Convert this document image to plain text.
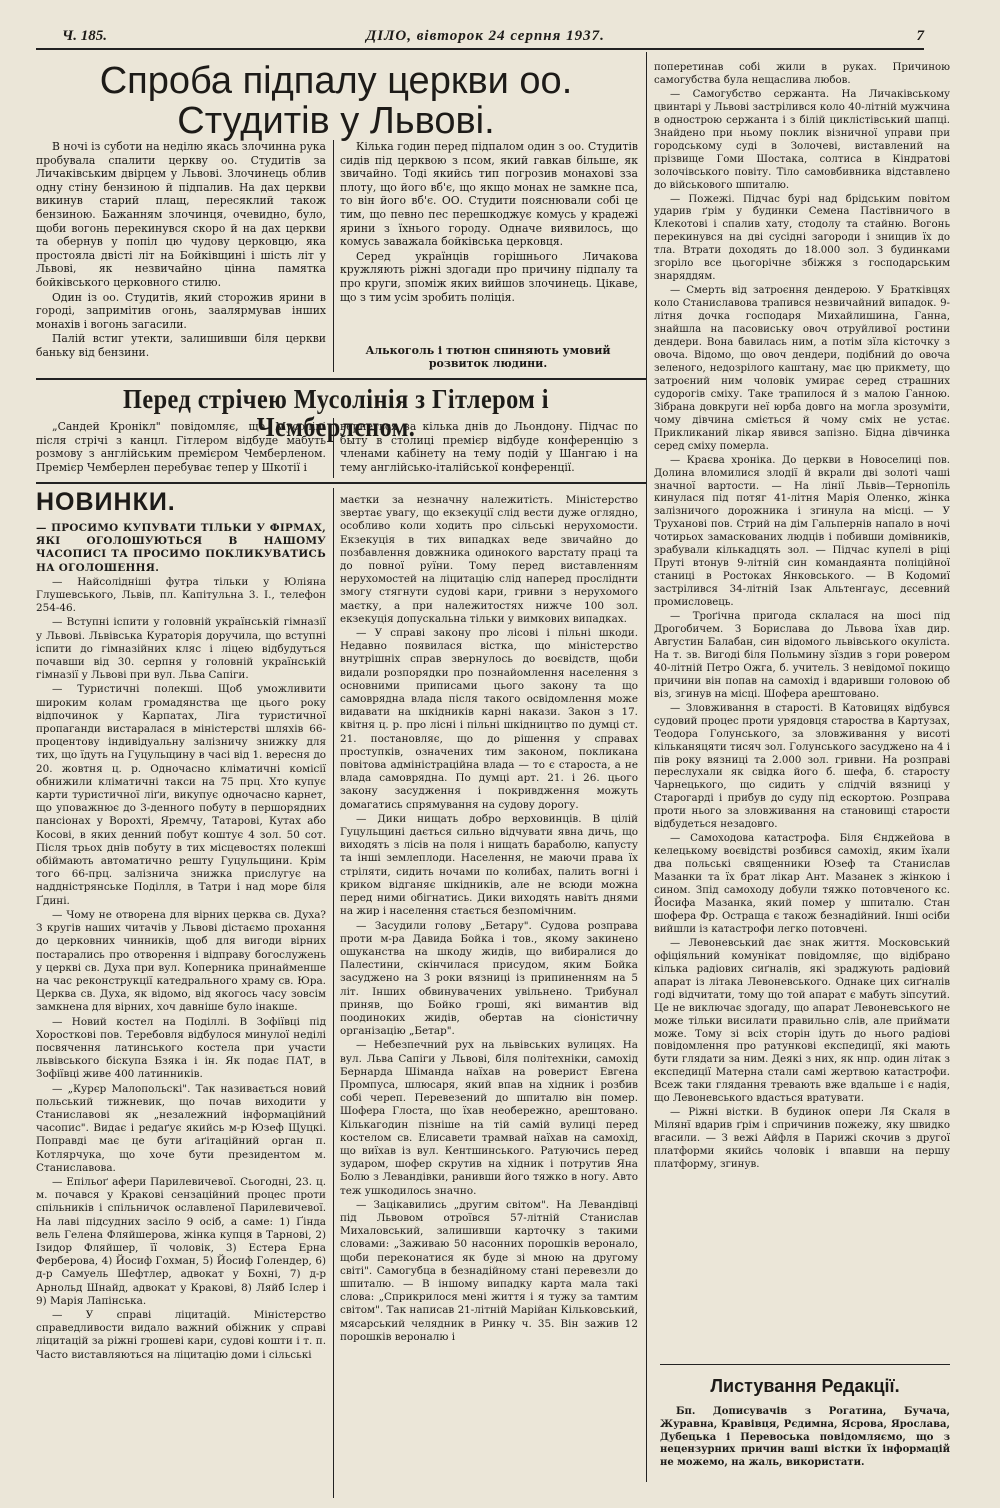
Ч. 185.	ДІЛО, вівторок 24 серпня 1937.	7
Спроба підпалу церкви оо. Студитів у Львові.

В ночі із суботи на неділю якась злочинна рука пробувала спалити церкву оо. Студитів за Личаківським двірцем у Львові. Злочинець облив одну стіну бензиною й підпалив. На дах церкви викинув старий плащ, пересяклий також бензиною. Бажанням злочинця, очевидно, було, щоби вогонь перекинувся скоро й на дах церкви та обернув у попіл цю чудову церковцю, яка простояла двісті літ на Бойківщині і шість літ у Львові, як незвичайно цінна памятка бойківського церковного стилю.

Один із оо. Студитів, який сторожив ярини в городі, запримітив огонь, заалярмував інших монахів і вогонь загасили.

Палій встиг утекти, залишивши біля церкви баньку від бензини.

Кілька годин перед підпалом один з оо. Студитів сидів під церквою з псом, який гавкав більше, як звичайно. Тоді якийсь тип погрозив монахові зза плоту, що його вб'є, що якщо монах не замкне пса, то він його вб'є. ОО. Студити пояснювали собі це тим, що певно пес перешкоджує комусь у крадежі ярини з їхнього городу. Одначе виявилось, що комусь заважала бойківська церковця.

Серед українців горішнього Личакова кружляють ріжні здогади про причину підпалу та про круги, зпоміж яких вийшов злочинець. Цікаве, що з тим усім зробить поліція.

Алькоголь і тютюн спиняють умовий розвиток людини.
Перед стрічею Мусолінія з Гітлером і Чемберлєном.

„Сандей Кронікл" повідомляє, що Мусоліні після стрічі з канцл. Гітлером відбуде мабуть розмову з англійським премієром Чемберленом. Премієр Чемберлен перебуває тепер у Шкотії і

вернеться за кілька днів до Льондону. Підчас по быту в столиці премієр відбуде конференцію з членами кабінету на тему подій у Шангаю і на тему англійсько-італійської конференції.

НОВИНКИ.

— ПРОСИМО КУПУВАТИ ТІЛЬКИ У ФІРМАХ, ЯКІ ОГОЛОШУЮТЬСЯ В НАШОМУ ЧАСОПИСІ ТА ПРОСИМО ПОКЛИКУВАТИСЬ НА ОГОЛОШЕННЯ.

— Найсолідніші футра тільки у Юліяна Глушевського, Львів, пл. Капітульна 3. І., телефон 254-46.

— Вступні іспити у головній українській гімназії у Львові. Львівська Кураторія доручила, що вступні іспити до гімназійних кляс і ліцею відбудуться почавши від 30. серпня у головній українській гімназії у Львові при вул. Льва Сапіги.

— Туристичні полекші. Щоб уможливити широким колам громадянства ще цього року відпочинок у Карпатах, Ліга туристичної пропаганди вистаралася в міністерстві шляхів 66-процентову індивідуальну залізничу знижку для тих, що їдуть на Гуцульщину в часі від 1. вересня до 20. жовтня ц. р. Одночасно кліматичні комісії обнижили кліматичні такси на 75 прц. Хто купує карти туристичної ліґи, викупує одночасно карнет, що уповажнює до 3-денного побуту в першорядних пансіонах у Ворохті, Яремчу, Татарові, Кутах або Косові, в яких денний побут коштує 4 зол. 50 сот. Після трьох днів побуту в тих місцевостях полекші обіймають автоматично решту Гуцульщини. Крім того 66-прц. залізнича знижка прислугує на наддністрянське Поділля, в Татри і над море біля Ґдині.

— Чому не отворена для вірних церква св. Духа? З кругів наших читачів у Львові дістаємо прохання до церковних чинників, щоб для вигоди вірних постарались про отворення і відправу богослужень у церкві св. Духа при вул. Коперника принайменше на час реконструкції катедрального храму св. Юра. Церква св. Духа, як відомо, від якогось часу зовсім замкнена для вірних, хоч давніше було інакше.

— Новий костел на Поділлі. В Зофіївці під Хоросткові пов. Теребовля відбулося минулої неділі посвячення латинського костела при участи львівського біскупа Бзяка і ін. Як подає ПАТ, в Зофіївці живе 400 латинників.

— „Курєр Малопольскі". Так називається новий польський тижневик, що почав виходити у Станиславові як „незалежний інформаційний часопис". Видає і редаґує якийсь м-р Юзеф Щуцкі. Поправді має це бути аґітаційний орган п. Котлярчука, що хоче бути президентом м. Станиславова.

— Епільоґ афери Парилевичевої. Сьогодні, 23. ц. м. почався у Кракові сензаційний процес проти спільників і спільничок ославленої Парилевичевої. На лаві підсудних засіло 9 осіб, а саме: 1) Ґінда вель Гелена Фляйшерова, жінка купця в Тарнові, 2) Ізидор Фляйшер, її чоловік, 3) Естера Ерна Ферберова, 4) Йосиф Гохман, 5) Йосиф Голендер, 6) д-р Самуель Шефтлер, адвокат у Бохні, 7) д-р Арнольд Шнайд, адвокат у Кракові, 8) Ляйб Іслер і 9) Марія Лапінська.

— У справі ліцитацій. Міністерство справедливости видало важний обіжник у справі ліцитацій за ріжні грошеві кари, судові кошти і т. п. Часто виставляються на ліцитацію доми і сільські

маєтки за незначну належитість. Міністерство звертає увагу, що екзекуції слід вести дуже оглядно, особливо коли ходить про сільські нерухомости. Екзекуція в тих випадках веде звичайно до позбавлення довжника одинокого варстату праці та до повної руїни. Тому перед виставленням нерухомостей на ліцитацію слід наперед просліднти змогу стягнути судові кари, гривни з нерухомого маєтку, а при належитостях нижче 100 зол. екзекуція допускальна тільки у вимкових випадках.

— У справі закону про лісові і пільні шкоди. Недавно появилася вістка, що міністерство внутрішніх справ звернулось до воєвідств, щоби видали розпорядки про познайомлення населення з основними приписами цього закону та що самоврядна влада після такого освідомлення може видавати на шкідників карні накази. Закон з 17. квітня ц. р. про лісні і пільні шкідництво по думці ст. 21. постановляє, що до рішення у справах проступків, означених тим законом, покликана повітова адміністраційна влада — то є староста, а не влада самоврядна. По думці арт. 21. і 26. цього закону засудження і покривдження можуть домагатись спрямування на судову дорогу.

— Дики нищать добро верховинців. В цілій Гуцульщині дається сильно відчувати явна дичь, що виходять з лісів на поля і нищать бараболю, капусту та інші землеплоди. Населення, не маючи права їх стріляти, сидить ночами по колибах, палить вогні і криком відганяє шкідників, але не всюди можна перед ними обігнатись. Дики виходять навіть днями на жир і населення стається безпомічним.

— Засудили голову „Бетару". Судова розправа проти м-ра Давида Бойка і тов., якому закинено ошуканства на шкоду жидів, що вибиралися до Палестини, скінчилася присудом, яким Бойка засуджено на 3 роки вязниці із припиненням на 5 літ. Інших обвинувачених увільнено. Трибунал приняв, що Бойко гроші, які вимантив від поодиноких жидів, обертав на сіоністичну організацію „Бетар".

— Небезпечний рух на львівських вулицях. На вул. Льва Сапіги у Львові, біля політехніки, самохід Бернарда Шіманда наїхав на роверист Евгена Промпуса, шлюсаря, який впав на хідник і розбив собі череп. Перевезений до шпиталю він помер. Шофера Глоста, що їхав необережно, арештовано. Кількагодин пізніше на тій самій вулиці перед костелом св. Елисавети трамвай наїхав на самохід, що виїхав із вул. Кентшинського. Ратуючись перед зударом, шофер скрутив на хідник і потрутив Яна Болю з Левандівки, ранивши його тяжко в ногу. Авто теж ушкодилось значно.

— Зацікавились „другим світом". На Левандівці під Львовом отроївся 57-літній Станислав Михаловський, залишивши карточку з такими словами: „Заживаю 50 насонних порошків веронало, щоби переконатися як буде зі мною на другому світі". Самогубца в безнадійному стані перевезли до шпиталю. — В іншому випадку карта мала такі слова: „Сприкрилося мені життя і я тужу за тамтим світом". Так написав 21-літній Марійан Кільковський, мясарський челядник в Ринку ч. 35. Він зажив 12 порошків вероналю і

поперетинав собі жили в руках. Причиною самогубства була нещаслива любов.

— Самогубство сержанта. На Личаківському цвинтарі у Львові застрілився коло 40-літній мужчина в однострою сержанта і з білій циклістівський шапці. Знайдено при ньому поклик візничної управи при городському суді в Золочеві, виставлений на прізвище Гоми Шостака, солтиса в Кіндратові золочівського повіту. Тіло самовбивника відставлено до військового шпиталю.

— Пожежі. Підчас бурі над брідським повітом ударив ґрім у будинки Семена Пастівничого в Клекотові і спалив хату, стодолу та стайню. Вогонь перекинувся на дві сусідні загороди і знищив їх до тла. Втрати доходять до 18.000 зол. З будинками згоріло все цьогорічне збіжжя з господарським знаряддям.

— Смерть від затроєння дендерою. У Братківцях коло Станиславова трапився незвичайний випадок. 9-літня дочка господаря Михайлишина, Ганна, знайшла на пасовиську овоч отруйливої ростини дендери. Вона бавилась ним, а потім зїла кісточку з овоча. Відомо, що овоч дендери, подібний до овоча зеленого, недозрілого каштану, має цю прикмету, що затроєний ним чоловік умирає серед страшних судорогів сміху. Таке трапилося й з малою Ганною. Зібрана довкруги неї юрба довго на могла зрозуміти, чому дівчина сміється й чому сміх не устає. Прикликаний лікар явився запізно. Бідна дівчинка серед сміху померла.

— Краєва хроніка. До церкви в Новоселиці пов. Долина вломилися злодії й вкрали дві золоті чаші значної вартости. — На лінії Львів—Тернопіль кинулася під потяг 41-літня Марія Оленко, жінка залізничого дорожника і згинула на місці. — У Труханові пов. Стрий на дім Гальпернів напало в ночі чотирьох замаскованих людців і побивши домівників, зрабували кількадцять зол. — Підчас купелі в ріці Пруті втонув 9-літній син командаянта поліційної станиці в Ростоках Янковського. — В Кодомиї застрілився 34-літній Ізак Альтенгаус, дєсевний промисловець.

— Троґічна пригода склалася на шосі під Дрогобичем. З Борислава до Львова їхав дир. Августин Балабан, син відомого львівського окуліста. На т. зв. Вигоді біля Польмину зїздив з гори ровером 40-літній Петро Ожга, б. учитель. З невідомої покищо причини він попав на самохід і вдаривши головою об віз, згинув на місці. Шофера арештовано.

— Зловживання в старості. В Катовицях відбувся судовий процес проти урядовця староства в Картузах, Теодора Голунського, за зловживання у висоті кільканяцяти тисяч зол. Голунського засуджено на 4 і пів року вязниці та 2.000 зол. гривни. На розправі переслухали як свідка його б. шефа, б. старосту Чарнецького, що сидить у слідчій вязниці у Старогарді і прибув до суду під ескортою. Розправа проти нього за зловживання на становищі старости відбудеться незадовго.

— Самоходова катастрофа. Біля Єнджейова в келецькому воєвідстві розбився самохід, яким їхали два польські священники Юзеф та Станислав Мазанки та їх брат лікар Ант. Мазанек з жінкою і сином. Зпід самоходу добули тяжко потовченого кс. Йосифа Мазанка, який помер у шпиталю. Стан шофера Фр. Остраща є також безнадійний. Інші осіби вийшли із катастрофи легко потовчені.

— Левоневський дає знак життя. Московський офіціяльний комунікат повідомляє, що відібрано кілька радіових сиґналів, які зраджують радіовий апарат із літака Левоневського. Однаке цих сиґналів годі відчитати, тому що той апарат є мабуть зіпсутий. Це не виключає здогаду, що апарат Левоневського не може тільки висилати правильно слів, але приймати може. Тому зі всіх сторін ідуть до нього радіові повідомлення про ратункові експедиції, які мають бути глядати за ним. Деякі з них, як нпр. один літак з експедиції Матерна стали самі жертвою катастрофи. Всеж таки глядання тревають вже вдальше і є надія, що Левоневського вдасться вратувати.

— Ріжні вістки. В будинок опери Ля Скаля в Мілянї вдарив ґрім і спричинив пожежу, яку швидко вгасили. — З вежі Айфля в Парижі скочив з другої платформи якийсь чоловік і впавши на першу платформу, згинув.

Листування Редакції.

Бп. Дописувачів з Рогатина, Бучача, Журавна, Кравівця, Рєдимна, Ясрова, Ярослава, Дубецька і Перевоська повідомляємо, що з нецензурних причин ваші вістки їх інформацій не можемо, на жаль, використати.
